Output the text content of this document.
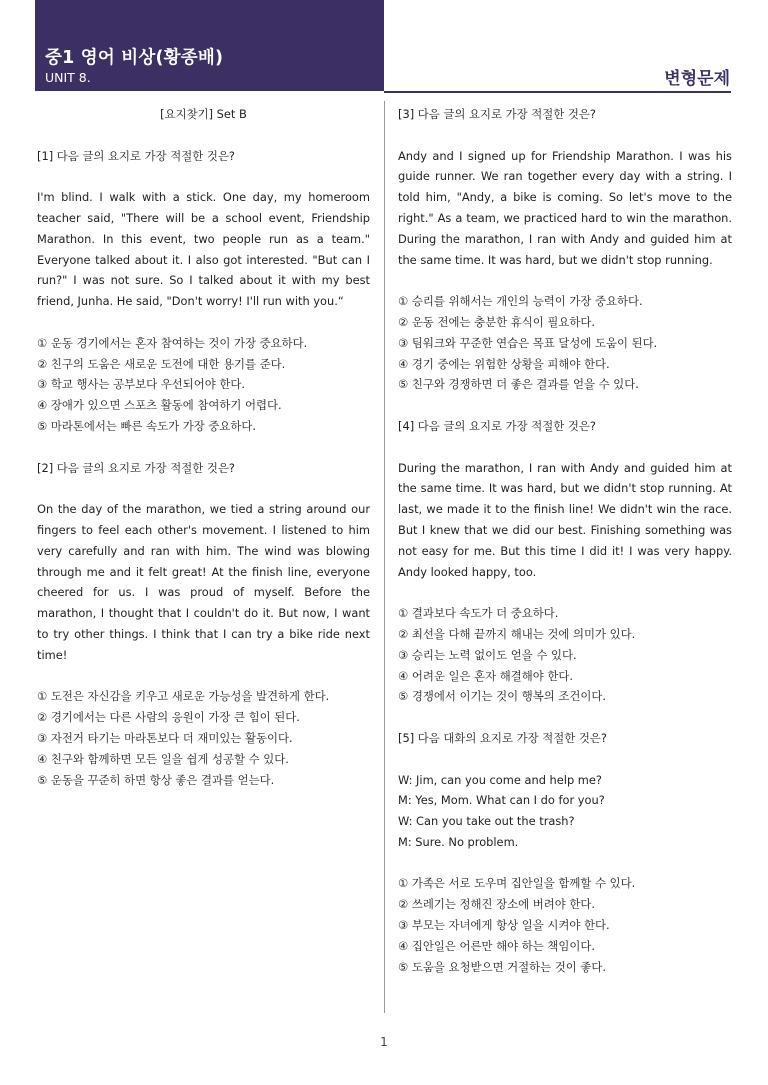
중1 영어 비상(황종배)
UNIT 8.	변형문제

[요지찾기] Set B

[1] 다음 글의 요지로 가장 적절한 것은?

I'm blind. I walk with a stick. One day, my homeroom teacher said, "There will be a school event, Friendship Marathon. In this event, two people run as a team." Everyone talked about it. I also got interested. "But can I run?" I was not sure. So I talked about it with my best friend, Junha. He said, "Don't worry! I'll run with you.“

① 운동 경기에서는 혼자 참여하는 것이 가장 중요하다.

② 친구의 도움은 새로운 도전에 대한 용기를 준다.

③ 학교 행사는 공부보다 우선되어야 한다.

④ 장애가 있으면 스포츠 활동에 참여하기 어렵다.

⑤ 마라톤에서는 빠른 속도가 가장 중요하다.

[2] 다음 글의 요지로 가장 적절한 것은?

On the day of the marathon, we tied a string around our fingers to feel each other's movement. I listened to him very carefully and ran with him. The wind was blowing through me and it felt great! At the finish line, everyone cheered for us. I was proud of myself. Before the marathon, I thought that I couldn't do it. But now, I want to try other things. I think that I can try a bike ride next time!

① 도전은 자신감을 키우고 새로운 가능성을 발견하게 한다.

② 경기에서는 다른 사람의 응원이 가장 큰 힘이 된다.

③ 자전거 타기는 마라톤보다 더 재미있는 활동이다.

④ 친구와 함께하면 모든 일을 쉽게 성공할 수 있다.

⑤ 운동을 꾸준히 하면 항상 좋은 결과를 얻는다.

[3] 다음 글의 요지로 가장 적절한 것은?

Andy and I signed up for Friendship Marathon. I was his guide runner. We ran together every day with a string. I told him, "Andy, a bike is coming. So let's move to the right." As a team, we practiced hard to win the marathon. During the marathon, I ran with Andy and guided him at the same time. It was hard, but we didn't stop running.

① 승리를 위해서는 개인의 능력이 가장 중요하다.

② 운동 전에는 충분한 휴식이 필요하다.

③ 팀워크와 꾸준한 연습은 목표 달성에 도움이 된다.

④ 경기 중에는 위험한 상황을 피해야 한다.

⑤ 친구와 경쟁하면 더 좋은 결과를 얻을 수 있다.

[4] 다음 글의 요지로 가장 적절한 것은?

During the marathon, I ran with Andy and guided him at the same time. It was hard, but we didn't stop running. At last, we made it to the finish line! We didn't win the race. But I knew that we did our best. Finishing something was not easy for me. But this time I did it! I was very happy. Andy looked happy, too.

① 결과보다 속도가 더 중요하다.

② 최선을 다해 끝까지 해내는 것에 의미가 있다.

③ 승리는 노력 없이도 얻을 수 있다.

④ 어려운 일은 혼자 해결해야 한다.

⑤ 경쟁에서 이기는 것이 행복의 조건이다.

[5] 다음 대화의 요지로 가장 적절한 것은?

W: Jim, can you come and help me?

M: Yes, Mom. What can I do for you?

W: Can you take out the trash?

M: Sure. No problem.

① 가족은 서로 도우며 집안일을 함께할 수 있다.

② 쓰레기는 정해진 장소에 버려야 한다.

③ 부모는 자녀에게 항상 일을 시켜야 한다.

④ 집안일은 어른만 해야 하는 책임이다.

⑤ 도움을 요청받으면 거절하는 것이 좋다.

1
